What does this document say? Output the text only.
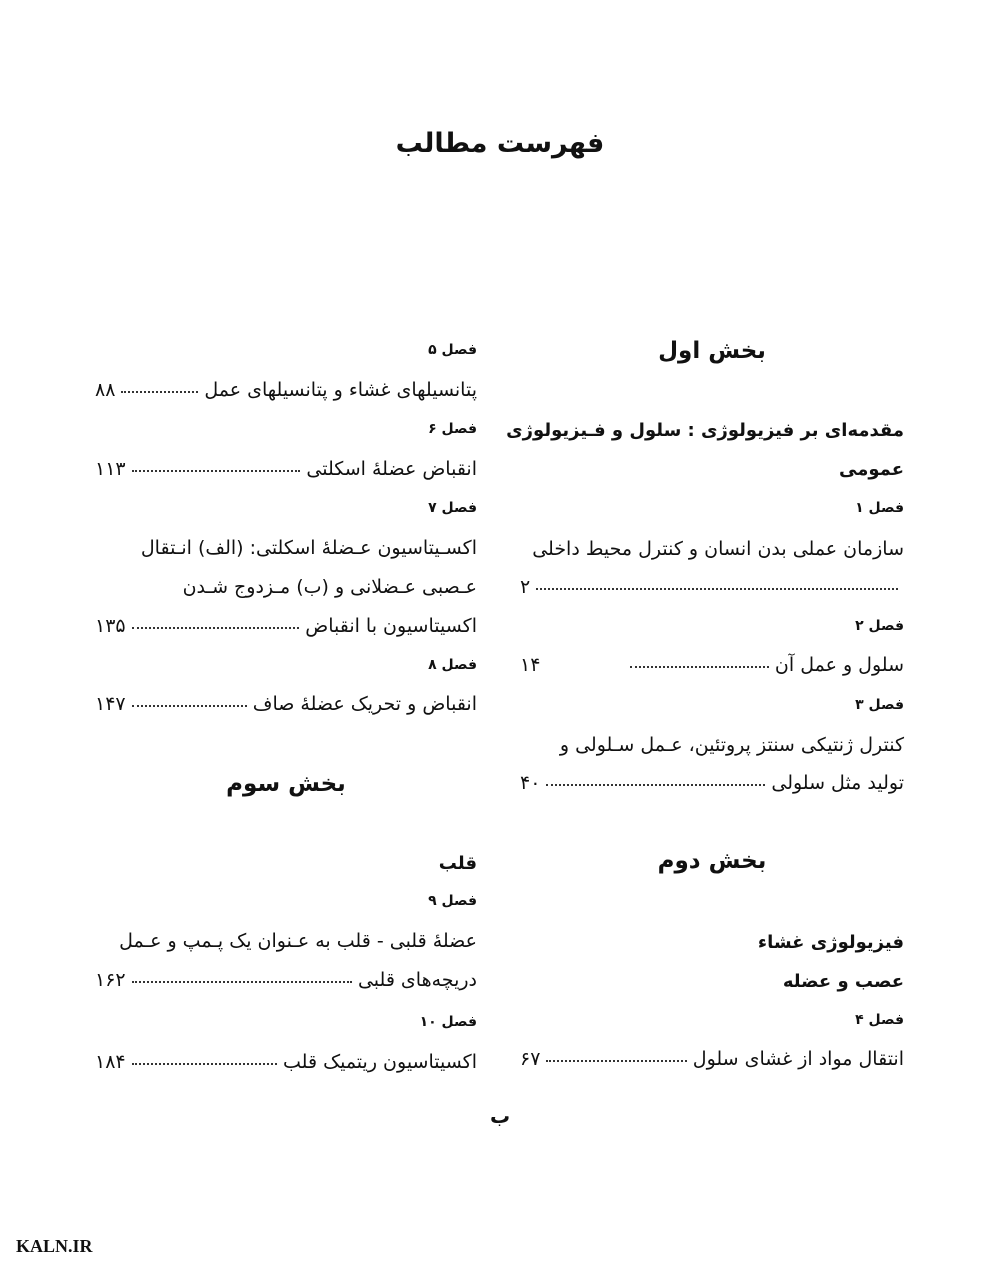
فهرست مطالب
بخش اول
مقدمه‌ای بر فیزیولوژی : سلول و فـیزیولوژی
عمومی
فصل ۱
سازمان عملی بدن انسان و کنترل محیط داخلی
۲
فصل ۲
سلول و عمل آن
۱۴
فصل ۳
کنترل ژنتیکی سنتز پروتئین، عـمل سـلولی و
تولید مثل سلولی
۴۰
بخش دوم
فیزیولوژی غشاء
عصب و عضله
فصل ۴
انتقال مواد از غشای سلول
۶۷
فصل ۵
پتانسیلهای غشاء و پتانسیلهای عمل
۸۸
فصل ۶
انقباض عضلهٔ اسکلتی
۱۱۳
فصل ۷
اکسـیتاسیون عـضلهٔ اسکلتی: (الف) انـتقال
عـصبی عـضلانی و (ب) مـزدوج شـدن
اکسیتاسیون با انقباض
۱۳۵
فصل ۸
انقباض و تحریک عضلهٔ صاف
۱۴۷
بخش سوم
قلب
فصل ۹
عضلهٔ قلبی - قلب به عـنوان یک پـمپ و عـمل
دریچه‌های قلبی
۱۶۲
فصل ۱۰
اکسیتاسیون ریتمیک قلب
۱۸۴
ب
KALN.IR
